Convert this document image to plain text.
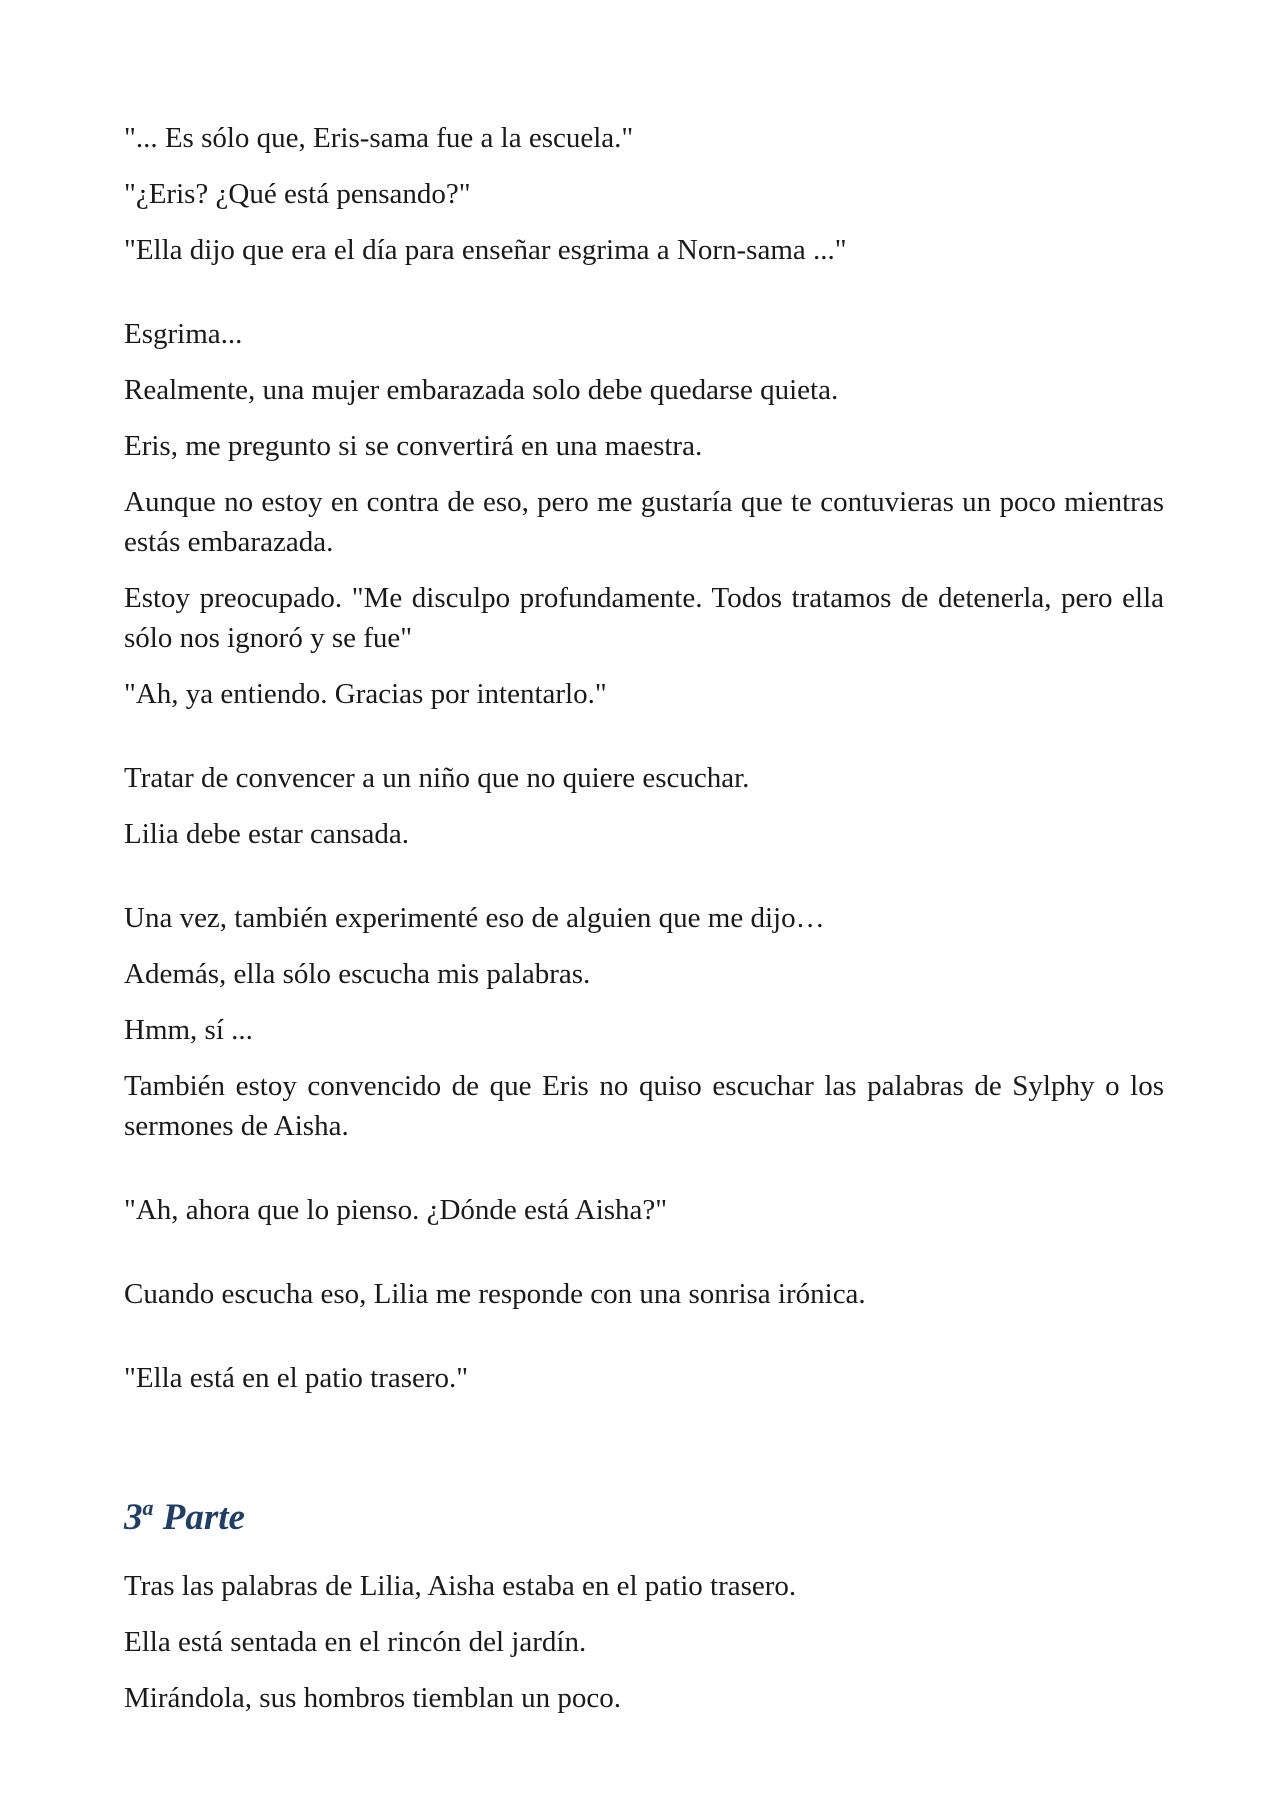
"... Es sólo que, Eris-sama fue a la escuela."

"¿Eris? ¿Qué está pensando?"

"Ella dijo que era el día para enseñar esgrima a Norn-sama ..."

Esgrima...

Realmente, una mujer embarazada solo debe quedarse quieta.

Eris, me pregunto si se convertirá en una maestra.

Aunque no estoy en contra de eso, pero me gustaría que te contuvieras un poco mientras estás embarazada.

Estoy preocupado. "Me disculpo profundamente. Todos tratamos de detenerla, pero ella sólo nos ignoró y se fue"

"Ah, ya entiendo. Gracias por intentarlo."

Tratar de convencer a un niño que no quiere escuchar.

Lilia debe estar cansada.

Una vez, también experimenté eso de alguien que me dijo…

Además, ella sólo escucha mis palabras.

Hmm, sí ...

También estoy convencido de que Eris no quiso escuchar las palabras de Sylphy o los sermones de Aisha.

"Ah, ahora que lo pienso. ¿Dónde está Aisha?"

Cuando escucha eso, Lilia me responde con una sonrisa irónica.

"Ella está en el patio trasero."

3$^a$ Parte

Tras las palabras de Lilia, Aisha estaba en el patio trasero.

Ella está sentada en el rincón del jardín.

Mirándola, sus hombros tiemblan un poco.
